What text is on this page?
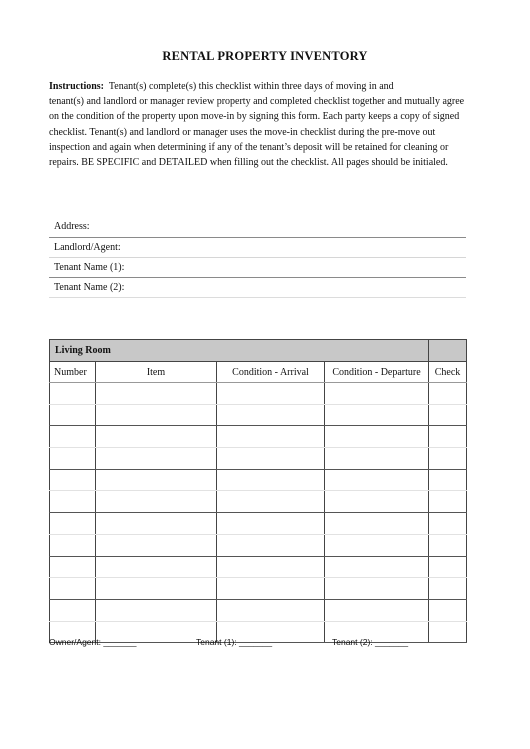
RENTAL PROPERTY INVENTORY
Instructions: Tenant(s) complete(s) this checklist within three days of moving in and
tenant(s) and landlord or manager review property and completed checklist together and mutually agree
on the condition of the property upon move-in by signing this form. Each party keeps a copy of signed
checklist. Tenant(s) and landlord or manager uses the move-in checklist during the pre-move out
inspection and again when determining if any of the tenant’s deposit will be retained for cleaning or
repairs. BE SPECIFIC and DETAILED when filling out the checklist. All pages should be initialed.
Address:
Landlord/Agent:
Tenant Name (1):
Tenant Name (2):
Living Room				
Number	Item	Condition - Arrival	Condition - Departure	Check

Owner/Agent: _______	Tenant (1): _______	Tenant (2): _______
